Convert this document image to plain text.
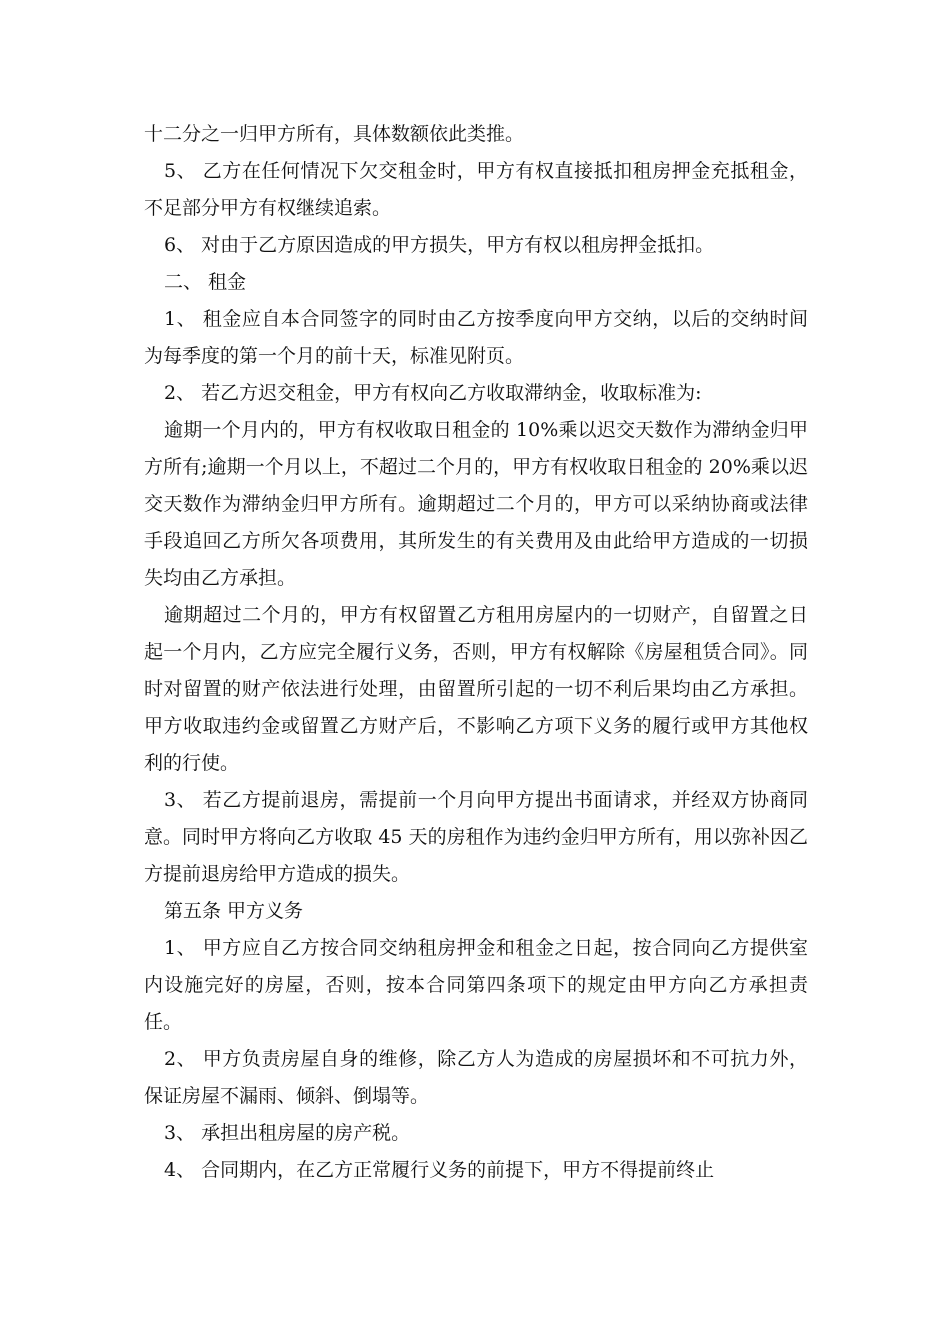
十二分之一归甲方所有，具体数额依此类推。

5、 乙方在任何情况下欠交租金时，甲方有权直接抵扣租房押金充抵租金，不足部分甲方有权继续追索。

6、 对由于乙方原因造成的甲方损失，甲方有权以租房押金抵扣。

二、 租金

1、 租金应自本合同签字的同时由乙方按季度向甲方交纳，以后的交纳时间为每季度的第一个月的前十天，标准见附页。

2、 若乙方迟交租金，甲方有权向乙方收取滞纳金，收取标准为:

逾期一个月内的，甲方有权收取日租金的 10%乘以迟交天数作为滞纳金归甲方所有;逾期一个月以上，不超过二个月的，甲方有权收取日租金的 20%乘以迟交天数作为滞纳金归甲方所有。逾期超过二个月的，甲方可以采纳协商或法律手段追回乙方所欠各项费用，其所发生的有关费用及由此给甲方造成的一切损失均由乙方承担。

逾期超过二个月的，甲方有权留置乙方租用房屋内的一切财产，自留置之日起一个月内，乙方应完全履行义务，否则，甲方有权解除《房屋租赁合同》。同时对留置的财产依法进行处理，由留置所引起的一切不利后果均由乙方承担。甲方收取违约金或留置乙方财产后，不影响乙方项下义务的履行或甲方其他权利的行使。

3、 若乙方提前退房，需提前一个月向甲方提出书面请求，并经双方协商同意。同时甲方将向乙方收取 45 天的房租作为违约金归甲方所有，用以弥补因乙方提前退房给甲方造成的损失。

第五条 甲方义务

1、 甲方应自乙方按合同交纳租房押金和租金之日起，按合同向乙方提供室内设施完好的房屋，否则，按本合同第四条项下的规定由甲方向乙方承担责任。

2、 甲方负责房屋自身的维修，除乙方人为造成的房屋损坏和不可抗力外，保证房屋不漏雨、倾斜、倒塌等。

3、 承担出租房屋的房产税。

4、 合同期内，在乙方正常履行义务的前提下，甲方不得提前终止
